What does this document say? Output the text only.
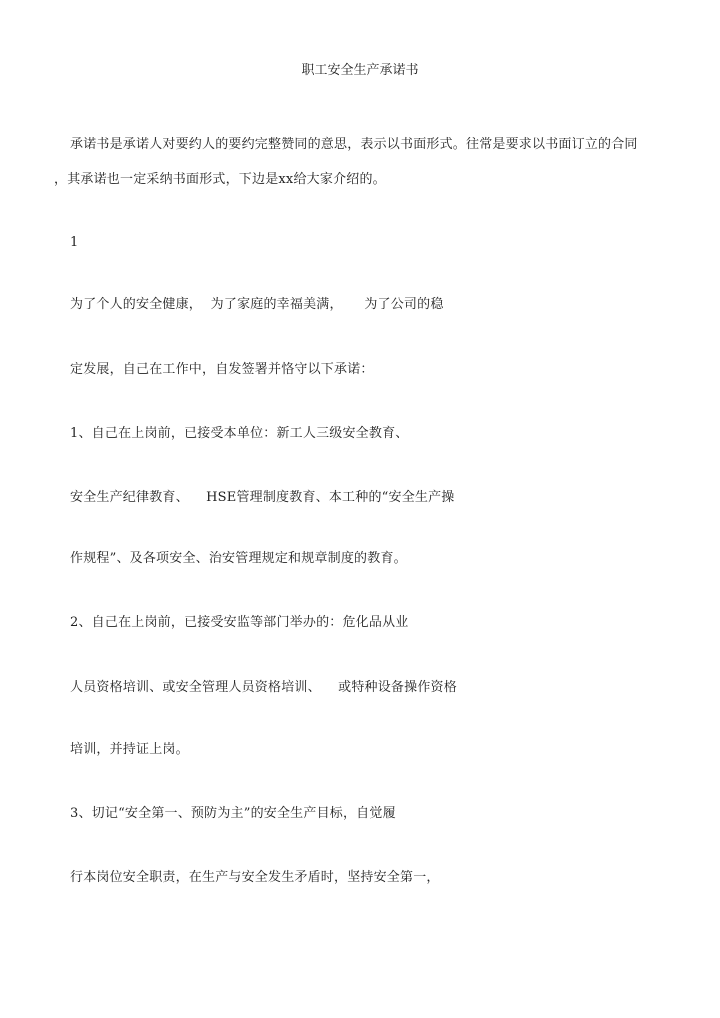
职工安全生产承诺书
承诺书是承诺人对要约人的要约完整赞同的意思，表示以书面形式。往常是要求以书面订立的合同
，其承诺也一定采纳书面形式，下边是xx给大家介绍的。
1
为了个人的安全健康，  为了家庭的幸福美满，     为了公司的稳
定发展，自己在工作中，自发签署并恪守以下承诺：
1、自己在上岗前，已接受本单位：新工人三级安全教育、
安全生产纪律教育、    HSE管理制度教育、本工种的“安全生产操
作规程”、及各项安全、治安管理规定和规章制度的教育。
2、自己在上岗前，已接受安监等部门举办的：危化品从业
人员资格培训、或安全管理人员资格培训、    或特种设备操作资格
培训，并持证上岗。
3、切记“安全第一、预防为主”的安全生产目标，自觉履
行本岗位安全职责，在生产与安全发生矛盾时，坚持安全第一，
